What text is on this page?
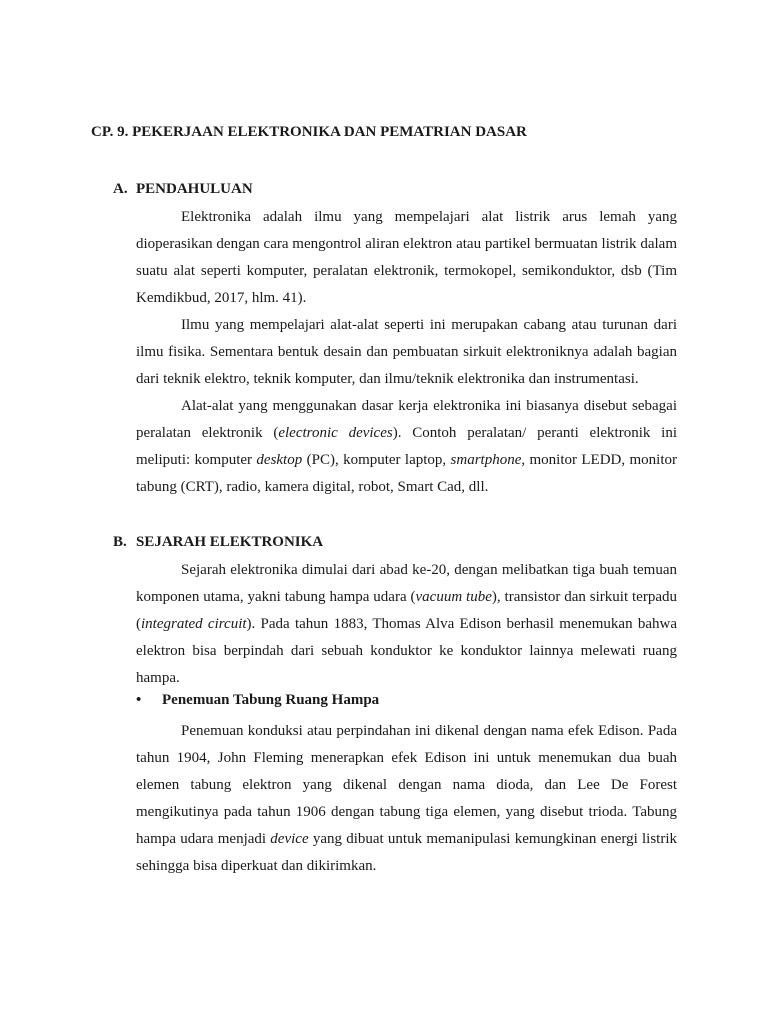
CP. 9. PEKERJAAN ELEKTRONIKA DAN PEMATRIAN DASAR
A. PENDAHULUAN

Elektronika adalah ilmu yang mempelajari alat listrik arus lemah yang dioperasikan dengan cara mengontrol aliran elektron atau partikel bermuatan listrik dalam suatu alat seperti komputer, peralatan elektronik, termokopel, semikonduktor, dsb (Tim Kemdikbud, 2017, hlm. 41).

Ilmu yang mempelajari alat-alat seperti ini merupakan cabang atau turunan dari ilmu fisika. Sementara bentuk desain dan pembuatan sirkuit elektroniknya adalah bagian dari teknik elektro, teknik komputer, dan ilmu/teknik elektronika dan instrumentasi.

Alat-alat yang menggunakan dasar kerja elektronika ini biasanya disebut sebagai peralatan elektronik (electronic devices). Contoh peralatan/ peranti elektronik ini meliputi: komputer desktop (PC), komputer laptop, smartphone, monitor LEDD, monitor tabung (CRT), radio, kamera digital, robot, Smart Cad, dll.

B. SEJARAH ELEKTRONIKA

Sejarah elektronika dimulai dari abad ke-20, dengan melibatkan tiga buah temuan komponen utama, yakni tabung hampa udara (vacuum tube), transistor dan sirkuit terpadu (integrated circuit). Pada tahun 1883, Thomas Alva Edison berhasil menemukan bahwa elektron bisa berpindah dari sebuah konduktor ke konduktor lainnya melewati ruang hampa.

• Penemuan Tabung Ruang Hampa

Penemuan konduksi atau perpindahan ini dikenal dengan nama efek Edison. Pada tahun 1904, John Fleming menerapkan efek Edison ini untuk menemukan dua buah elemen tabung elektron yang dikenal dengan nama dioda, dan Lee De Forest mengikutinya pada tahun 1906 dengan tabung tiga elemen, yang disebut trioda. Tabung hampa udara menjadi device yang dibuat untuk memanipulasi kemungkinan energi listrik sehingga bisa diperkuat dan dikirimkan.
